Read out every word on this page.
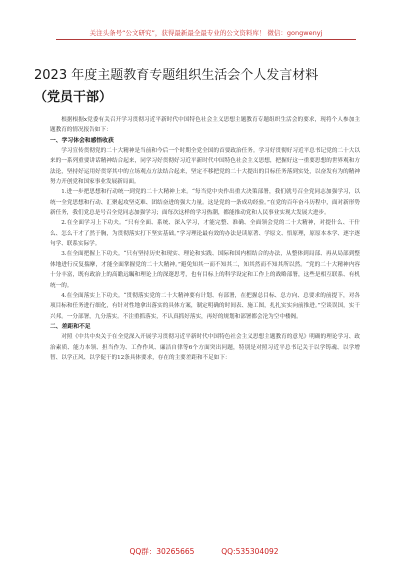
关注头条号“公文研究”，获得最新最全最专业的公文资料库！ 微信：gongwenyj
2023 年度主题教育专题组织生活会个人发言材料
（党员干部）

根据根据x党委有关召开学习贯彻习近平新时代中国特色社会主义思想主题教育专题组织生活会的要求，现将个人参加主题教育的情况报告如下：

一、学习体会和感悟收获

学习宣传贯彻党的二十大精神是当前和今后一个时期全党全国的首要政治任务。学习好贯彻好习近平总书记党的二十大以来的一系列重要讲话精神结合起来，同学习好贯彻好习近平新时代中国特色社会主义思想，把握好这一重要思想的世界观和方法论，坚持好运用好贯穿其中的立场观点方法结合起来，坚定不移把党的二十大提出的目标任务落到实处，以奋发有为的精神努力开创党和国家事业发展新局面。

1.进一步把思想和行动统一到党的二十大精神上来。“每当党中央作出重大决策部署，我们就号召全党同志加强学习，以统一全党思想和行动、汇聚起攻坚克难、团结奋进的强大力量。这是党的一条成功经验。”在党的百年奋斗历程中，面对新形势新任务，我们党总是号召全党同志加强学习；面每次这样的学习热潮，都能推动党和人民事业实现大发展大进步。

2.在全面学习上下功夫。“只有全面、系统、深入学习，才能完整、准确、全面领会党的二十大精神，对提什么、干什么、怎么干才了然于胸，为贯彻落实打下坚实基础。”学习理论最有效的办法是读原著、学原文、悟原理，原原本本学、逐字逐句学、联系实际学。

3.在全面把握上下功夫。“只有坚持历史和现实、理论和实践、国际和国内相结合的办法，从整体到局部、再从局部到整体地进行反复揣摩，才能全面掌握党的二十大精神。”避免知其一而不知其二，知其然而不知其所以然。“党的二十大精神内容十分丰富，既有政治上的高瞻远瞩和理论上的深邃思考，也有目标上的科学设定和工作上的战略部署，这些是相互联系、有机统一的。

4.在全面落实上下功夫。“贯彻落实党的二十大精神要有计划、有部署，在把握总目标、总方向、总要求的前提下，对各项目标和任务进行细化，有针对性地拿出落实的具体方案，制定明确的时间表、施工图，扎扎实实向前推进。”空谈误国，实干兴邦。一分部署，九分落实。不注重抓落实，不认真抓好落实，再好的规划和部署都会沦为空中楼阁。

二、差距和不足

对照《中共中央关于在全党深入开展学习贯彻习近平新时代中国特色社会主义思想主题教育的意见》明确的理论学习、政治素质、能力本领、担当作为、工作作风、廉洁自律等6个方面突出问题，特别是对照习近平总书记关于以学铸魂、以学增智、以学正风、以学促干的12条具体要求，存在的主要差距和不足如下：

QQ群：30265665	QQ:535304092
